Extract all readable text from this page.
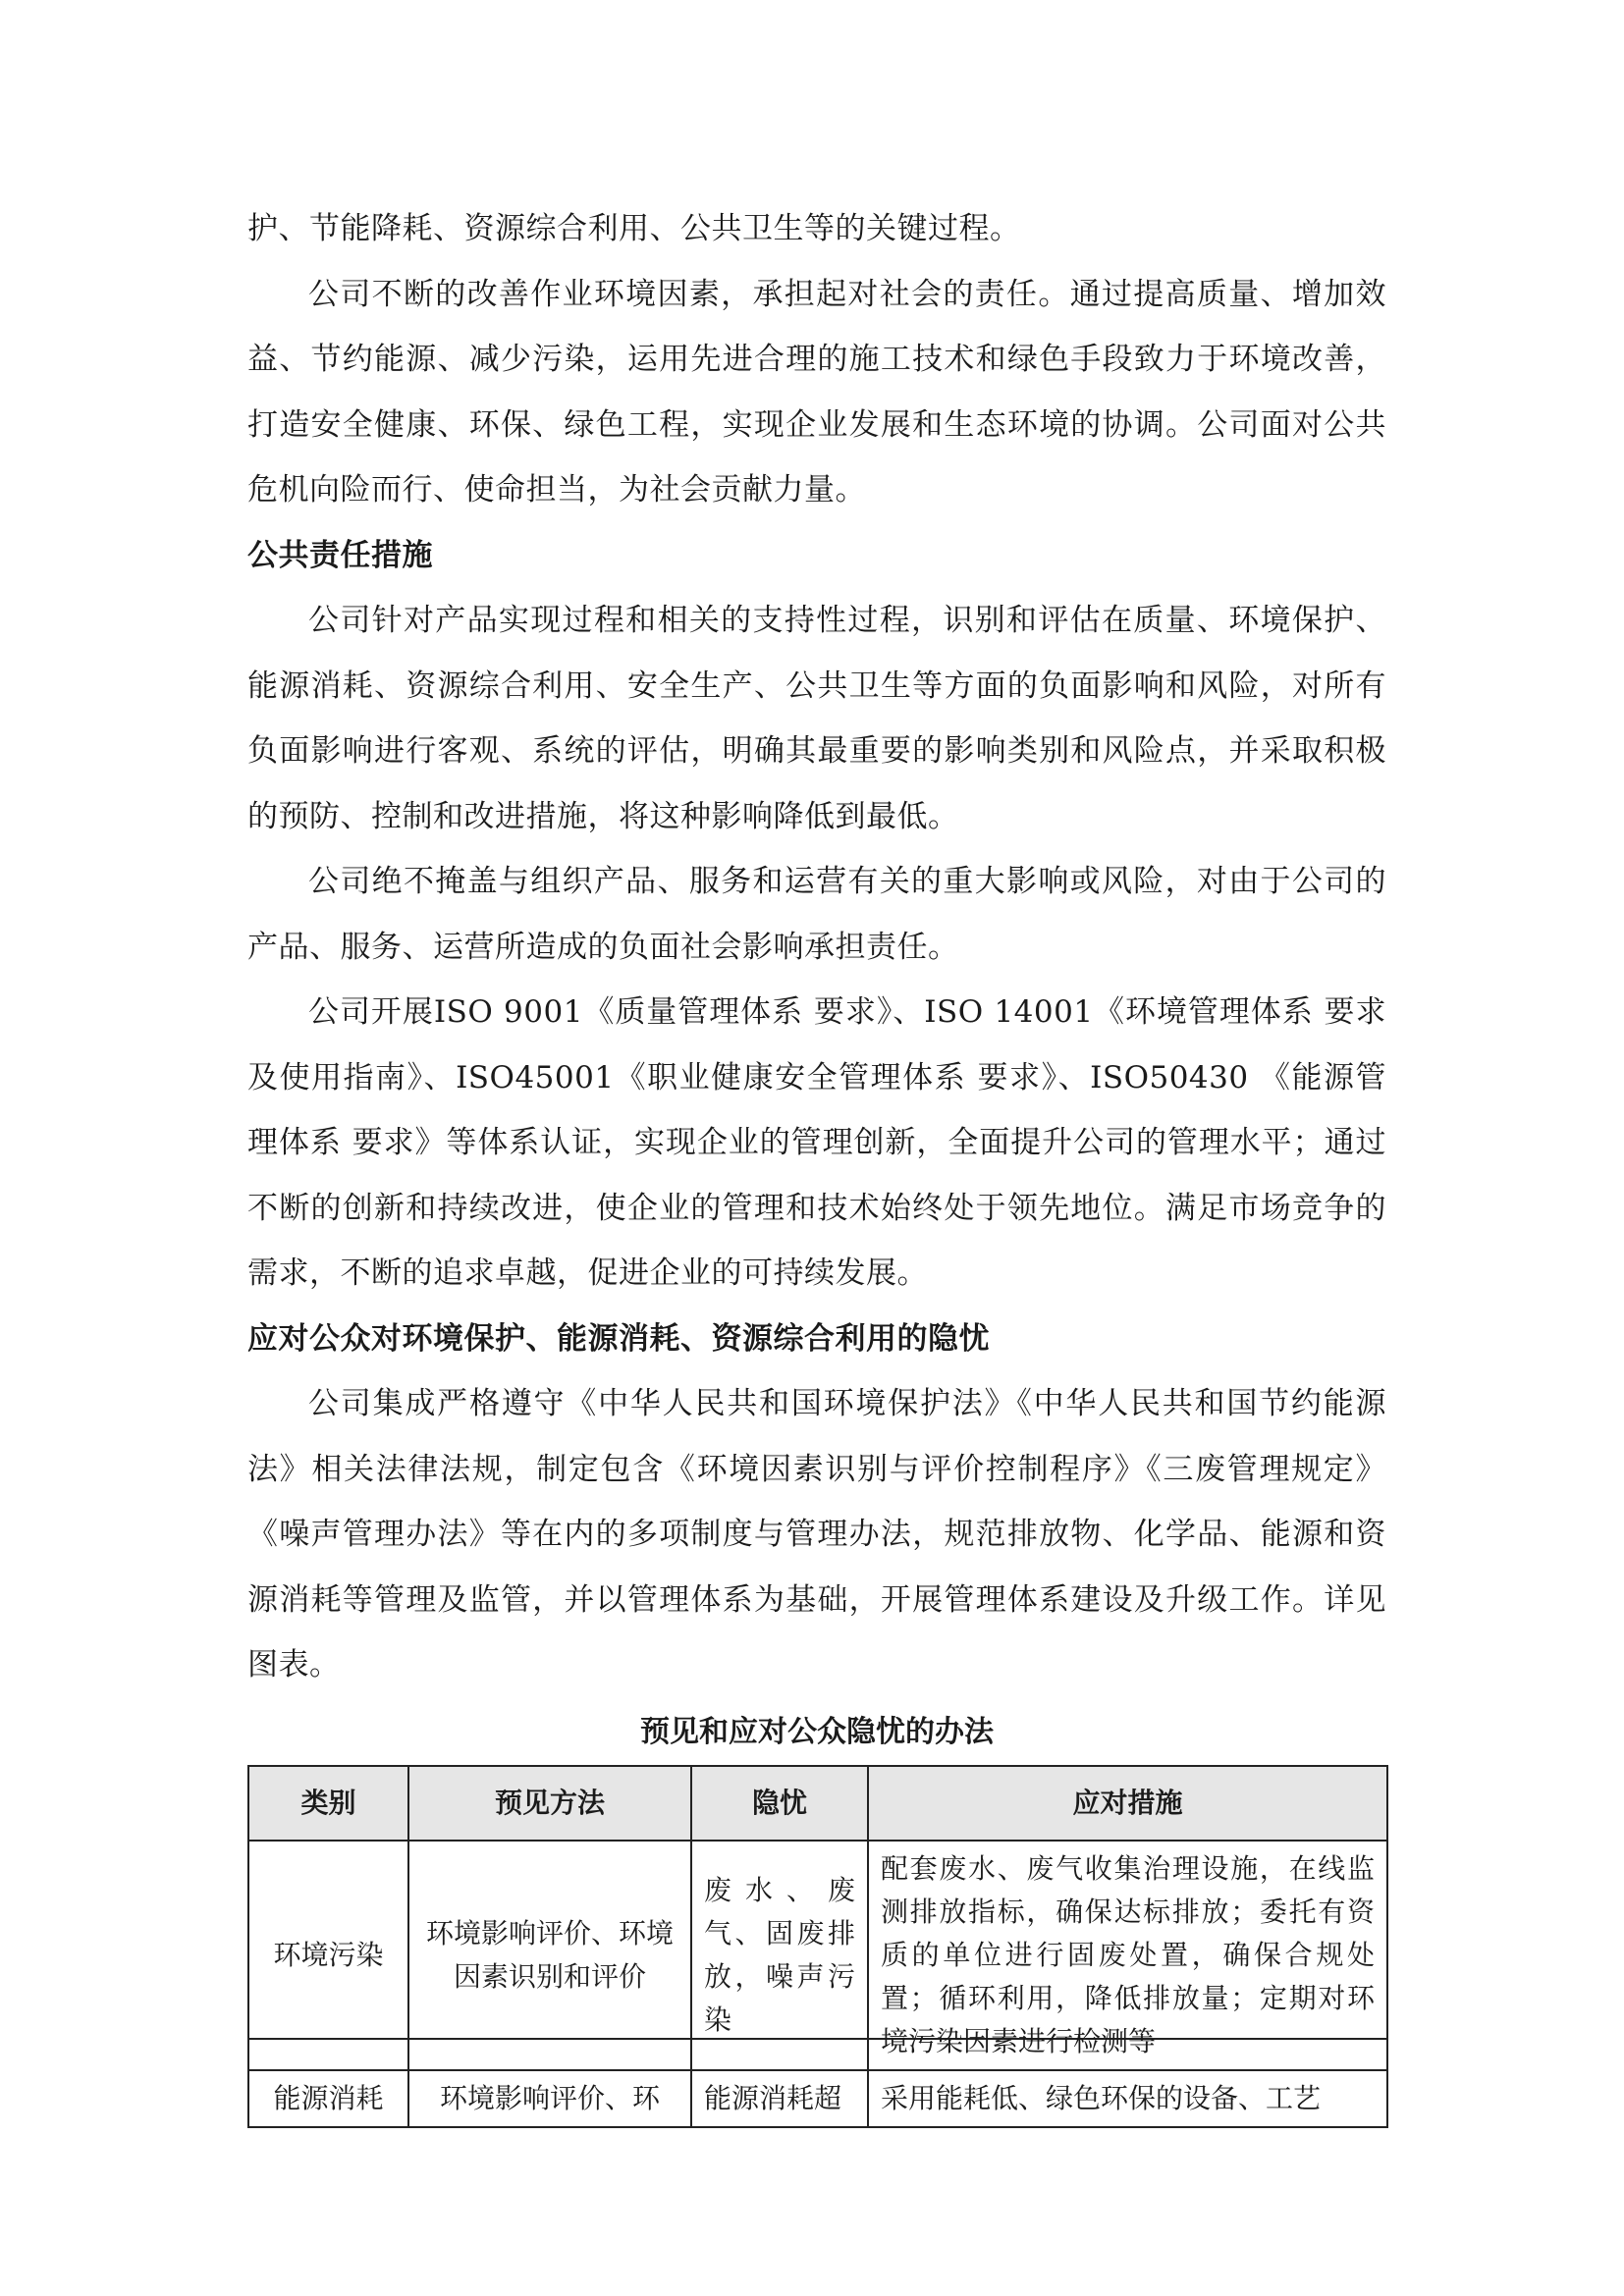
护、节能降耗、资源综合利用、公共卫生等的关键过程。

公司不断的改善作业环境因素，承担起对社会的责任。通过提高质量、增加效益、节约能源、减少污染，运用先进合理的施工技术和绿色手段致力于环境改善，打造安全健康、环保、绿色工程，实现企业发展和生态环境的协调。公司面对公共危机向险而行、使命担当，为社会贡献力量。

公共责任措施

公司针对产品实现过程和相关的支持性过程，识别和评估在质量、环境保护、能源消耗、资源综合利用、安全生产、公共卫生等方面的负面影响和风险，对所有负面影响进行客观、系统的评估，明确其最重要的影响类别和风险点，并采取积极的预防、控制和改进措施，将这种影响降低到最低。

公司绝不掩盖与组织产品、服务和运营有关的重大影响或风险，对由于公司的产品、服务、运营所造成的负面社会影响承担责任。

公司开展ISO 9001《质量管理体系 要求》、ISO 14001《环境管理体系 要求及使用指南》、ISO45001《职业健康安全管理体系 要求》、ISO50430 《能源管理体系 要求》等体系认证，实现企业的管理创新，全面提升公司的管理水平；通过不断的创新和持续改进，使企业的管理和技术始终处于领先地位。满足市场竞争的需求，不断的追求卓越，促进企业的可持续发展。

应对公众对环境保护、能源消耗、资源综合利用的隐忧

公司集成严格遵守《中华人民共和国环境保护法》《中华人民共和国节约能源法》相关法律法规，制定包含《环境因素识别与评价控制程序》《三废管理规定》《噪声管理办法》等在内的多项制度与管理办法，规范排放物、化学品、能源和资源消耗等管理及监管，并以管理体系为基础，开展管理体系建设及升级工作。详见图表。

预见和应对公众隐忧的办法
类别	预见方法	隐忧	应对措施
环境污染	环境影响评价、环境因素识别和评价	废水、废气、固废排放，噪声污染	配套废水、废气收集治理设施，在线监测排放指标，确保达标排放；委托有资质的单位进行固废处置，确保合规处置；循环利用，降低排放量；定期对环境污染因素进行检测等
能源消耗	环境影响评价、环	能源消耗超	采用能耗低、绿色环保的设备、工艺
